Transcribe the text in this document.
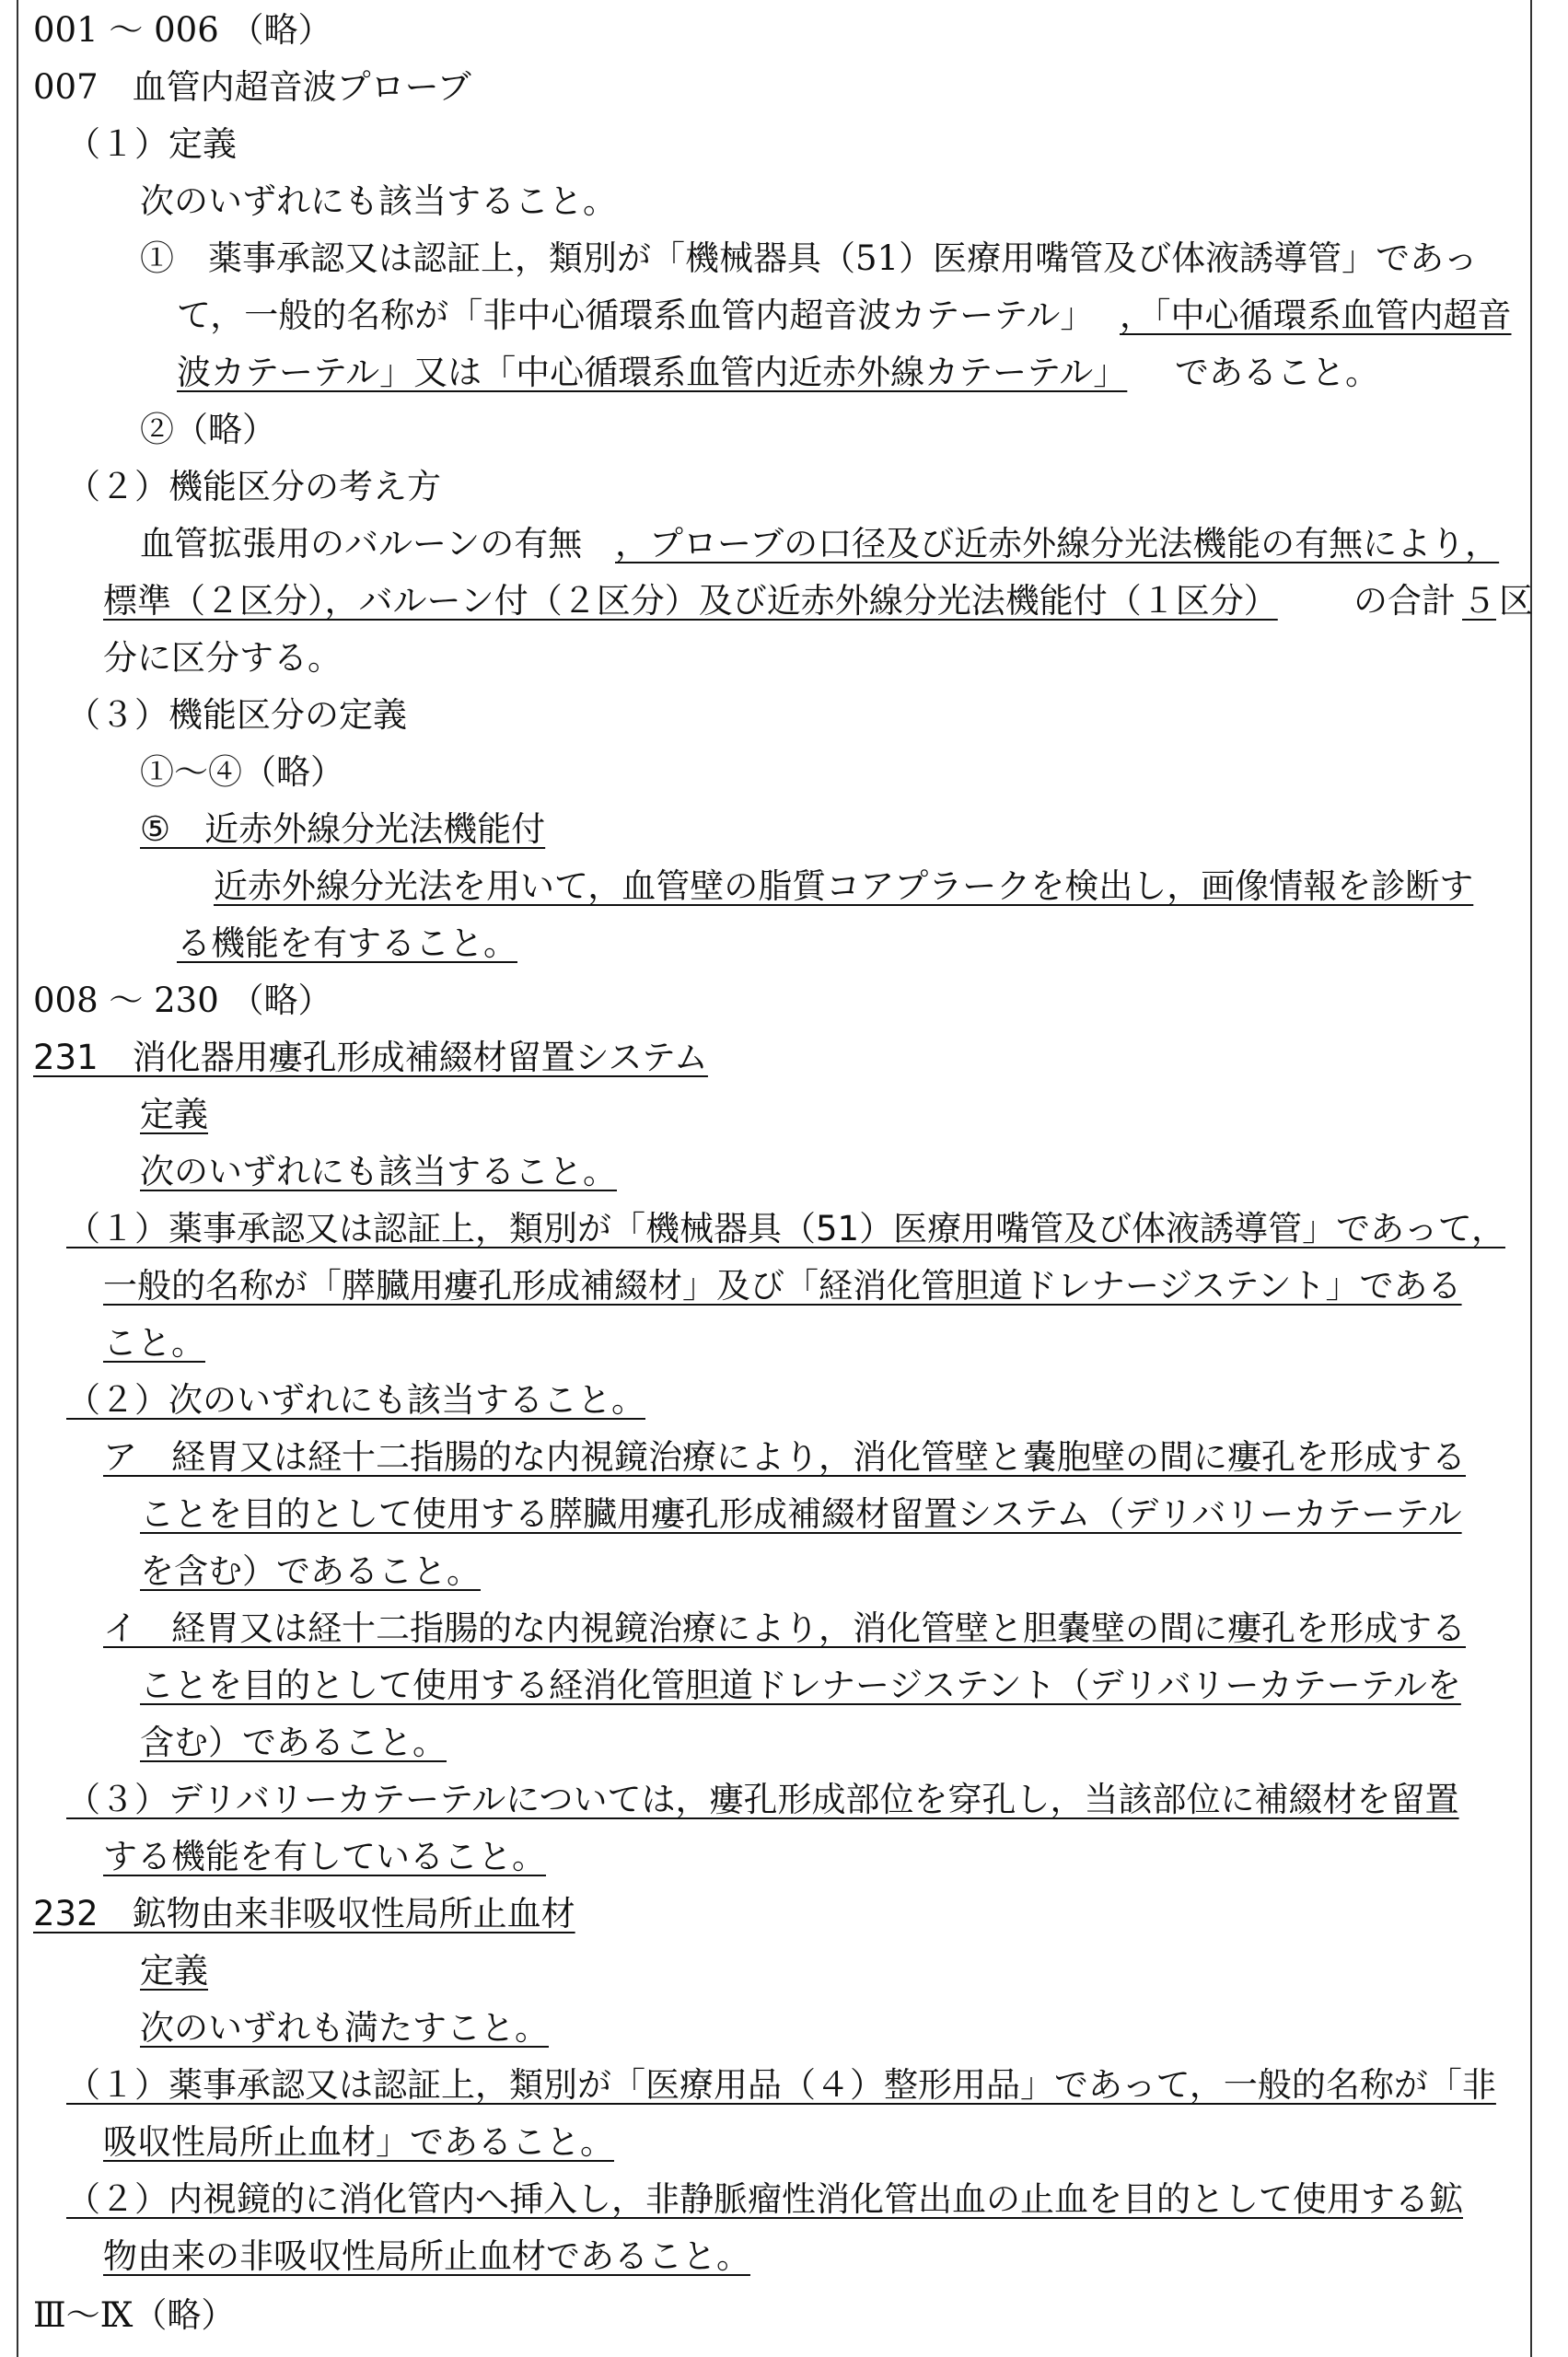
001 ～ 006 （略）
007　血管内超音波プローブ
（１）定義
次のいずれにも該当すること。
①　薬事承認又は認証上，類別が「機械器具（51）医療用嘴管及び体液誘導管」であっ
て，一般的名称が「非中心循環系血管内超音波カテーテル」 ，「中心循環系血管内超音
波カテーテル」又は「中心循環系血管内近赤外線カテーテル」 であること。
②（略）
（２）機能区分の考え方
血管拡張用のバルーンの有無 ，プローブの口径及び近赤外線分光法機能の有無により，
標準（２区分），バルーン付（２区分）及び近赤外線分光法機能付（１区分） の合計 ５ 区
分に区分する。
（３）機能区分の定義
①～④（略）
⑤　近赤外線分光法機能付
近赤外線分光法を用いて，血管壁の脂質コアプラークを検出し，画像情報を診断す
る機能を有すること。
008 ～ 230 （略）
231　消化器用瘻孔形成補綴材留置システム
定義
次のいずれにも該当すること。
（１）薬事承認又は認証上，類別が「機械器具（51）医療用嘴管及び体液誘導管」であって，
一般的名称が「膵臓用瘻孔形成補綴材」及び「経消化管胆道ドレナージステント」である
こと。
（２）次のいずれにも該当すること。
ア　経胃又は経十二指腸的な内視鏡治療により，消化管壁と嚢胞壁の間に瘻孔を形成する
ことを目的として使用する膵臓用瘻孔形成補綴材留置システム（デリバリーカテーテル
を含む）であること。
イ　経胃又は経十二指腸的な内視鏡治療により，消化管壁と胆嚢壁の間に瘻孔を形成する
ことを目的として使用する経消化管胆道ドレナージステント（デリバリーカテーテルを
含む）であること。
（３）デリバリーカテーテルについては，瘻孔形成部位を穿孔し，当該部位に補綴材を留置
する機能を有していること。
232　鉱物由来非吸収性局所止血材
定義
次のいずれも満たすこと。
（１）薬事承認又は認証上，類別が「医療用品（４）整形用品」であって，一般的名称が「非
吸収性局所止血材」であること。
（２）内視鏡的に消化管内へ挿入し，非静脈瘤性消化管出血の止血を目的として使用する鉱
物由来の非吸収性局所止血材であること。
Ⅲ～Ⅸ（略）
